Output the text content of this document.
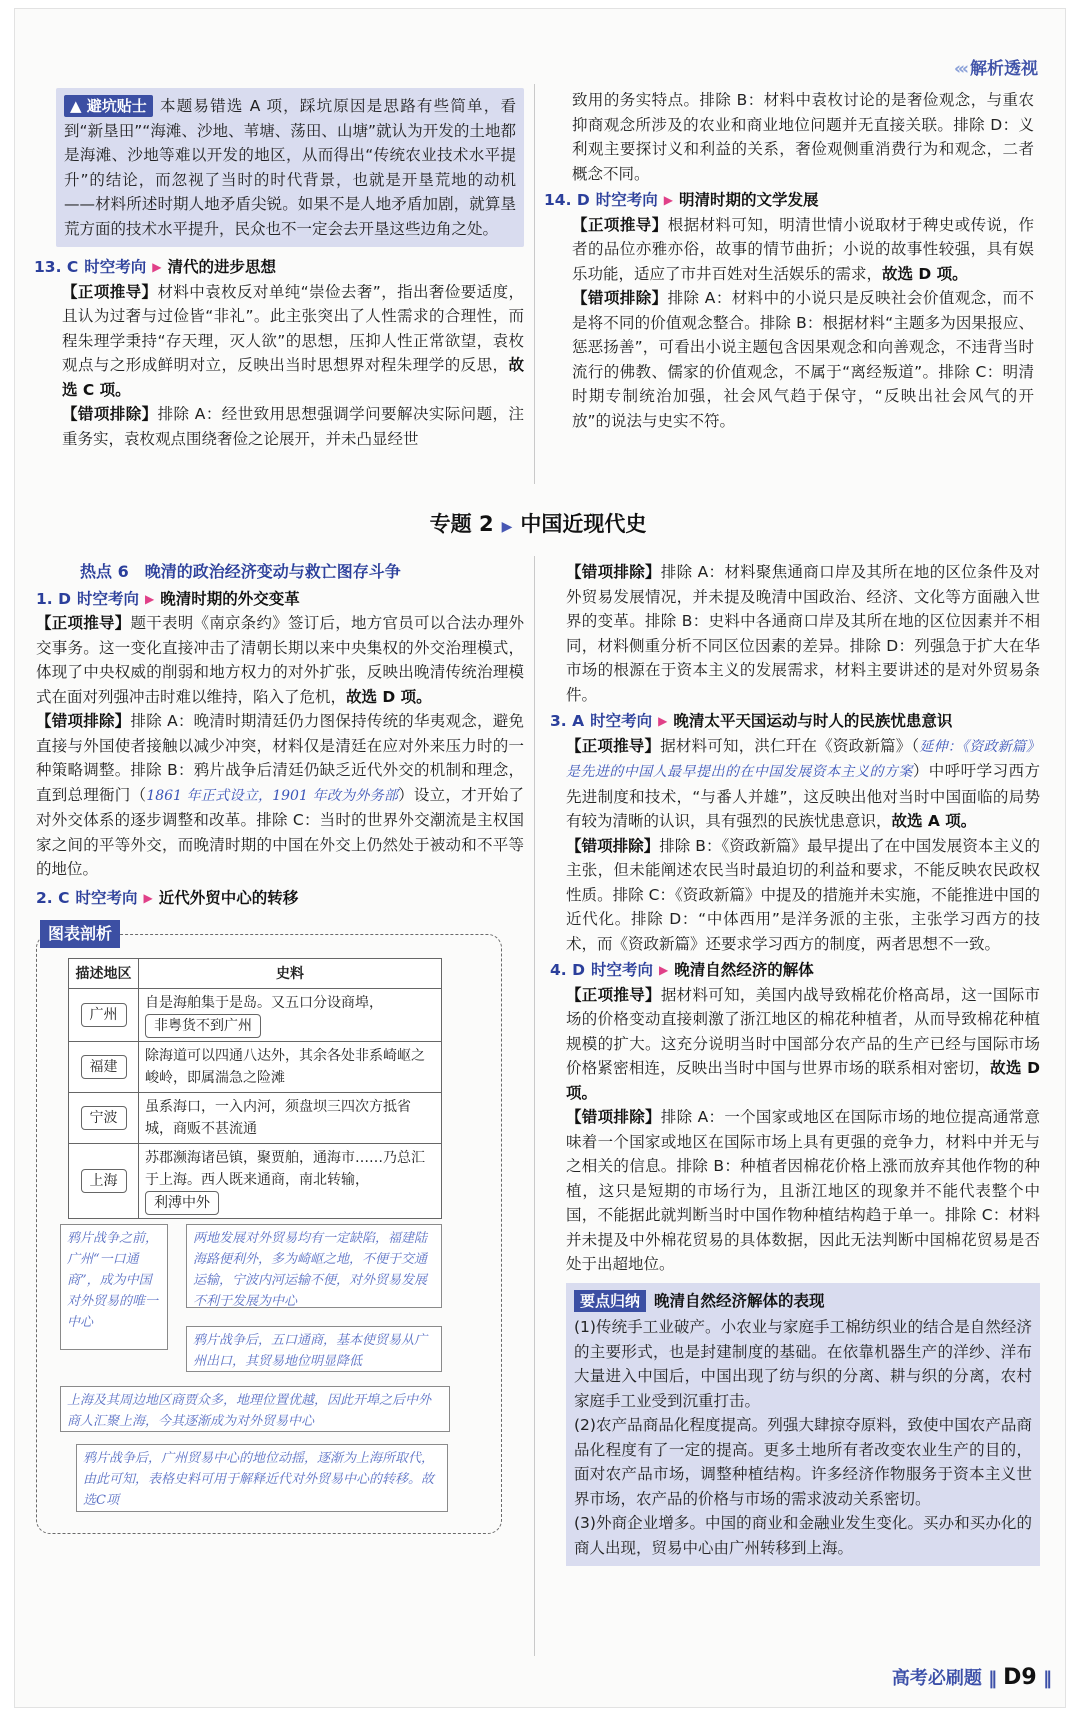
‹‹‹ 解析透视

▲ 避坑贴士 本题易错选 A 项，踩坑原因是思路有些简单，看到“新垦田”“海滩、沙地、苇塘、荡田、山塘”就认为开发的土地都是海滩、沙地等难以开发的地区，从而得出“传统农业技术水平提升”的结论，而忽视了当时的时代背景，也就是开垦荒地的动机——材料所述时期人地矛盾尖锐。如果不是人地矛盾加剧，就算垦荒方面的技术水平提升，民众也不一定会去开垦这些边角之处。

13. C 时空考向 ▶ 清代的进步思想

【正项推导】材料中袁枚反对单纯“崇俭去奢”，指出奢俭要适度，且认为过奢与过俭皆“非礼”。此主张突出了人性需求的合理性，而程朱理学秉持“存天理，灭人欲”的思想，压抑人性正常欲望，袁枚观点与之形成鲜明对立，反映出当时思想界对程朱理学的反思，故选 C 项。

【错项排除】排除 A：经世致用思想强调学问要解决实际问题，注重务实，袁枚观点围绕奢俭之论展开，并未凸显经世

致用的务实特点。排除 B：材料中袁枚讨论的是奢俭观念，与重农抑商观念所涉及的农业和商业地位问题并无直接关联。排除 D：义利观主要探讨义和利益的关系，奢俭观侧重消费行为和观念，二者概念不同。

14. D 时空考向 ▶ 明清时期的文学发展

【正项推导】根据材料可知，明清世情小说取材于稗史或传说，作者的品位亦雅亦俗，故事的情节曲折；小说的故事性较强，具有娱乐功能，适应了市井百姓对生活娱乐的需求，故选 D 项。

【错项排除】排除 A：材料中的小说只是反映社会价值观念，而不是将不同的价值观念整合。排除 B：根据材料“主题多为因果报应、惩恶扬善”，可看出小说主题包含因果观念和向善观念，不违背当时流行的佛教、儒家的价值观念，不属于“离经叛道”。排除 C：明清时期专制统治加强，社会风气趋于保守，“反映出社会风气的开放”的说法与史实不符。

专题 2 ▶ 中国近现代史
热点 6　晚清的政治经济变动与救亡图存斗争
1. D 时空考向 ▶ 晚清时期的外交变革

【正项推导】题干表明《南京条约》签订后，地方官员可以合法办理外交事务。这一变化直接冲击了清朝长期以来中央集权的外交治理模式，体现了中央权威的削弱和地方权力的对外扩张，反映出晚清传统治理模式在面对列强冲击时难以维持，陷入了危机，故选 D 项。

【错项排除】排除 A：晚清时期清廷仍力图保持传统的华夷观念，避免直接与外国使者接触以减少冲突，材料仅是清廷在应对外来压力时的一种策略调整。排除 B：鸦片战争后清廷仍缺乏近代外交的机制和理念，直到总理衙门（1861 年正式设立，1901 年改为外务部）设立，才开始了对外交体系的逐步调整和改革。排除 C：当时的世界外交潮流是主权国家之间的平等外交，而晚清时期的中国在外交上仍然处于被动和不平等的地位。

2. C 时空考向 ▶ 近代外贸中心的转移
图表剖析
描述地区	史料
广州	自是海舶集于是岛。又五口分设商埠，
非粤货不到广州
福建	除海道可以四通八达外，其余各处非系崎岖之峻岭，即属湍急之险滩
宁波	虽系海口，一入内河，须盘坝三四次方抵省城，商贩不甚流通
上海	苏郡濒海诸邑镇，聚贾舶，通海市……乃总汇于上海。西人既来通商，南北转输，
利溥中外
鸦片战争之前，广州“一口通商”，成为中国对外贸易的唯一中心
两地发展对外贸易均有一定缺陷，福建陆海路便利外，多为崎岖之地，不便于交通运输，宁波内河运输不便，对外贸易发展不利于发展为中心
鸦片战争后，五口通商，基本使贸易从广州出口，其贸易地位明显降低
上海及其周边地区商贾众多，地理位置优越，因此开埠之后中外商人汇聚上海，今其逐渐成为对外贸易中心
鸦片战争后，广州贸易中心的地位动摇，逐渐为上海所取代，由此可知，表格史料可用于解释近代对外贸易中心的转移。故选C项

【错项排除】排除 A：材料聚焦通商口岸及其所在地的区位条件及对外贸易发展情况，并未提及晚清中国政治、经济、文化等方面融入世界的变革。排除 B：史料中各通商口岸及其所在地的区位因素并不相同，材料侧重分析不同区位因素的差异。排除 D：列强急于扩大在华市场的根源在于资本主义的发展需求，材料主要讲述的是对外贸易条件。

3. A 时空考向 ▶ 晚清太平天国运动与时人的民族忧患意识

【正项推导】据材料可知，洪仁玕在《资政新篇》（延伸：《资政新篇》是先进的中国人最早提出的在中国发展资本主义的方案）中呼吁学习西方先进制度和技术，“与番人并雄”，这反映出他对当时中国面临的局势有较为清晰的认识，具有强烈的民族忧患意识，故选 A 项。

【错项排除】排除 B：《资政新篇》最早提出了在中国发展资本主义的主张，但未能阐述农民当时最迫切的利益和要求，不能反映农民政权性质。排除 C：《资政新篇》中提及的措施并未实施，不能推进中国的近代化。排除 D：“中体西用”是洋务派的主张，主张学习西方的技术，而《资政新篇》还要求学习西方的制度，两者思想不一致。

4. D 时空考向 ▶ 晚清自然经济的解体

【正项推导】据材料可知，美国内战导致棉花价格高昂，这一国际市场的价格变动直接刺激了浙江地区的棉花种植者，从而导致棉花种植规模的扩大。这充分说明当时中国部分农产品的生产已经与国际市场价格紧密相连，反映出当时中国与世界市场的联系相对密切，故选 D 项。

【错项排除】排除 A：一个国家或地区在国际市场的地位提高通常意味着一个国家或地区在国际市场上具有更强的竞争力，材料中并无与之相关的信息。排除 B：种植者因棉花价格上涨而放弃其他作物的种植，这只是短期的市场行为，且浙江地区的现象并不能代表整个中国，不能据此就判断当时中国作物种植结构趋于单一。排除 C：材料并未提及中外棉花贸易的具体数据，因此无法判断中国棉花贸易是否处于出超地位。

要点归纳 晚清自然经济解体的表现

(1)传统手工业破产。小农业与家庭手工棉纺织业的结合是自然经济的主要形式，也是封建制度的基础。在依靠机器生产的洋纱、洋布大量进入中国后，中国出现了纺与织的分离、耕与织的分离，农村家庭手工业受到沉重打击。

(2)农产品商品化程度提高。列强大肆掠夺原料，致使中国农产品商品化程度有了一定的提高。更多土地所有者改变农业生产的目的，面对农产品市场，调整种植结构。许多经济作物服务于资本主义世界市场，农产品的价格与市场的需求波动关系密切。

(3)外商企业增多。中国的商业和金融业发生变化。买办和买办化的商人出现，贸易中心由广州转移到上海。

高考必刷题 ‖ D9 ‖
